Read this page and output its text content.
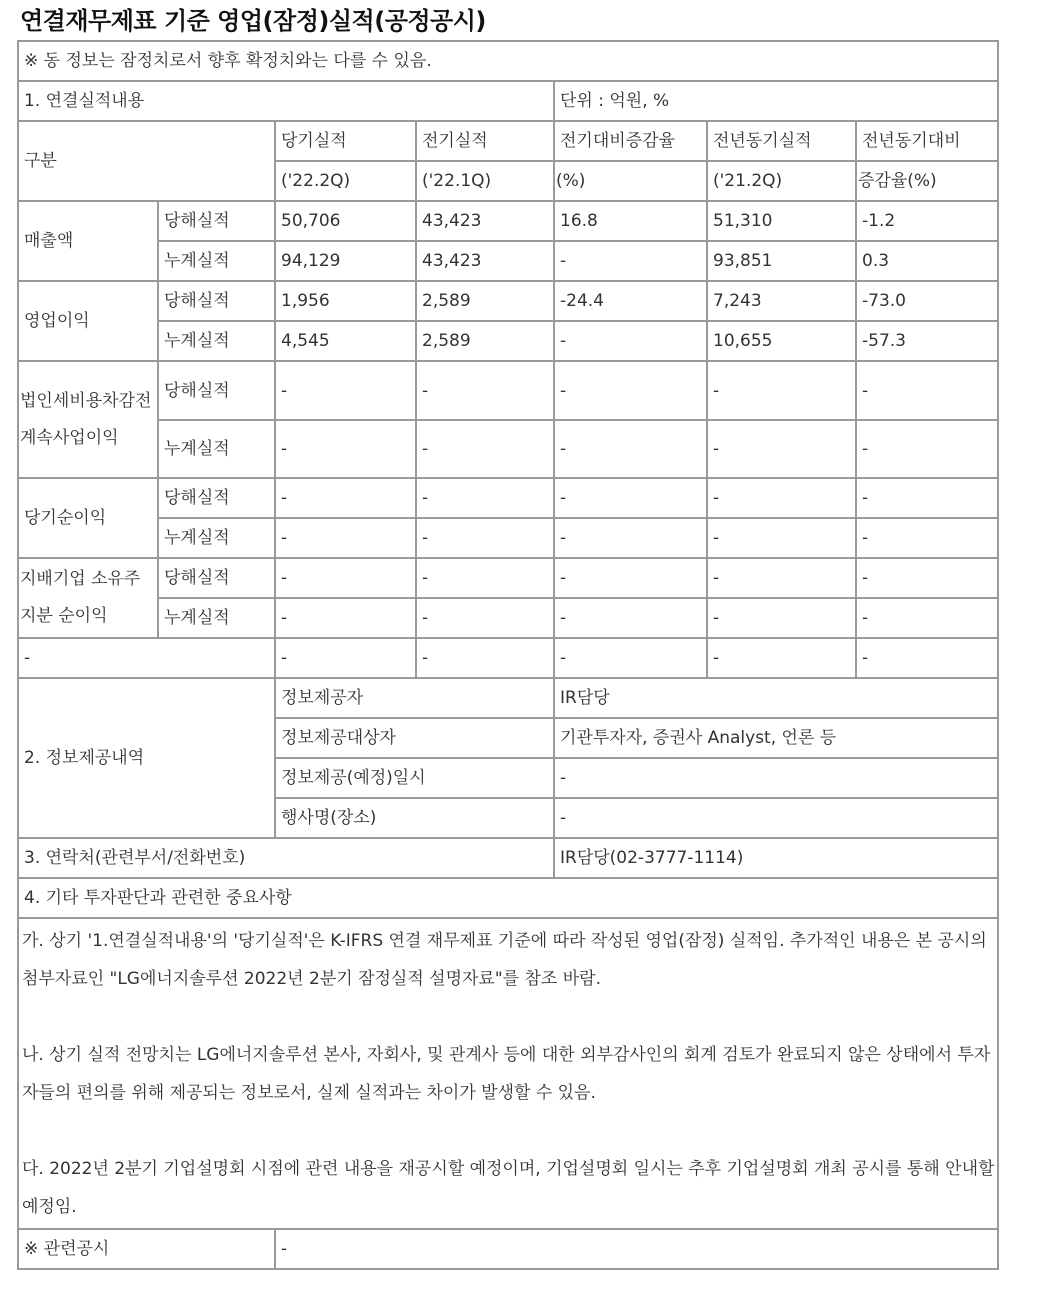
연결재무제표 기준 영업(잠정)실적(공정공시)
※ 동 정보는 잠정치로서 향후 확정치와는 다를 수 있음.						
1. 연결실적내용				단위 : 억원, %		
구분		당기실적	전기실적	전기대비증감율	전년동기실적	전년동기대비
		('22.2Q)	('22.1Q)	(%)	('21.2Q)	증감율(%)
매출액	당해실적	50,706	43,423	16.8	51,310	-1.2
	누계실적	94,129	43,423	-	93,851	0.3
영업이익	당해실적	1,956	2,589	-24.4	7,243	-73.0
	누계실적	4,545	2,589	-	10,655	-57.3
법인세비용차감전계속사업이익	당해실적	-	-	-	-	-
	누계실적	-	-	-	-	-
당기순이익	당해실적	-	-	-	-	-
	누계실적	-	-	-	-	-
지배기업 소유주지분 순이익	당해실적	-	-	-	-	-
	누계실적	-	-	-	-	-
-		-	-	-	-	-
2. 정보제공내역		정보제공자		IR담당		
		정보제공대상자		기관투자자, 증권사 Analyst, 언론 등		
		정보제공(예정)일시		-		
		행사명(장소)		-		
3. 연락처(관련부서/전화번호)				IR담당(02-3777-1114)		
4. 기타 투자판단과 관련한 중요사항						

가. 상기 '1.연결실적내용'의 '당기실적'은 K-IFRS 연결 재무제표 기준에 따라 작성된 영업(잠정) 실적임. 추가적인 내용은 본 공시의 첨부자료인 "LG에너지솔루션 2022년 2분기 잠정실적 설명자료"를 참조 바람.

나. 상기 실적 전망치는 LG에너지솔루션 본사, 자회사, 및 관계사 등에 대한 외부감사인의 회계 검토가 완료되지 않은 상태에서 투자자들의 편의를 위해 제공되는 정보로서, 실제 실적과는 차이가 발생할 수 있음.

다. 2022년 2분기 기업설명회 시점에 관련 내용을 재공시할 예정이며, 기업설명회 일시는 추후 기업설명회 개최 공시를 통해 안내할 예정임.						

※ 관련공시		-				
